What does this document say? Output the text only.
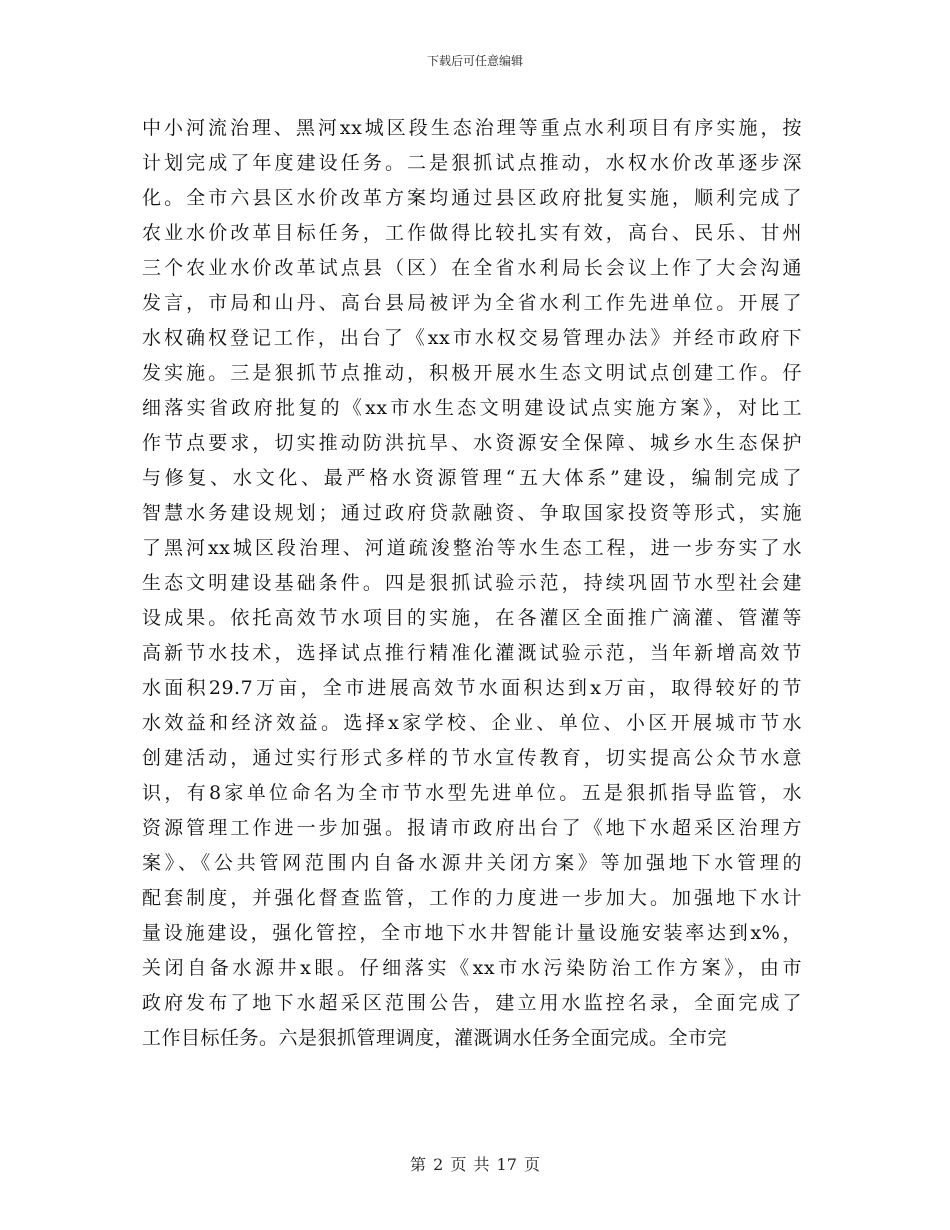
下载后可任意编辑
中小河流治理、黑河xx城区段生态治理等重点水利项目有序实施，按
计划完成了年度建设任务。二是狠抓试点推动，水权水价改革逐步深
化。全市六县区水价改革方案均通过县区政府批复实施，顺利完成了
农业水价改革目标任务，工作做得比较扎实有效，高台、民乐、甘州
三个农业水价改革试点县（区）在全省水利局长会议上作了大会沟通
发言，市局和山丹、高台县局被评为全省水利工作先进单位。开展了
水权确权登记工作，出台了《xx市水权交易管理办法》并经市政府下
发实施。三是狠抓节点推动，积极开展水生态文明试点创建工作。仔
细落实省政府批复的《xx市水生态文明建设试点实施方案》，对比工
作节点要求，切实推动防洪抗旱、水资源安全保障、城乡水生态保护
与修复、水文化、最严格水资源管理“五大体系”建设，编制完成了
智慧水务建设规划；通过政府贷款融资、争取国家投资等形式，实施
了黑河xx城区段治理、河道疏浚整治等水生态工程，进一步夯实了水
生态文明建设基础条件。四是狠抓试验示范，持续巩固节水型社会建
设成果。依托高效节水项目的实施，在各灌区全面推广滴灌、管灌等
高新节水技术，选择试点推行精准化灌溉试验示范，当年新增高效节
水面积29.7万亩，全市进展高效节水面积达到x万亩，取得较好的节
水效益和经济效益。选择x家学校、企业、单位、小区开展城市节水
创建活动，通过实行形式多样的节水宣传教育，切实提高公众节水意
识，有8家单位命名为全市节水型先进单位。五是狠抓指导监管，水
资源管理工作进一步加强。报请市政府出台了《地下水超采区治理方
案》、《公共管网范围内自备水源井关闭方案》等加强地下水管理的
配套制度，并强化督查监管，工作的力度进一步加大。加强地下水计
量设施建设，强化管控，全市地下水井智能计量设施安装率达到x%，
关闭自备水源井x眼。仔细落实《xx市水污染防治工作方案》，由市
政府发布了地下水超采区范围公告，建立用水监控名录，全面完成了
工作目标任务。六是狠抓管理调度，灌溉调水任务全面完成。全市完
第 2 页 共 17 页
